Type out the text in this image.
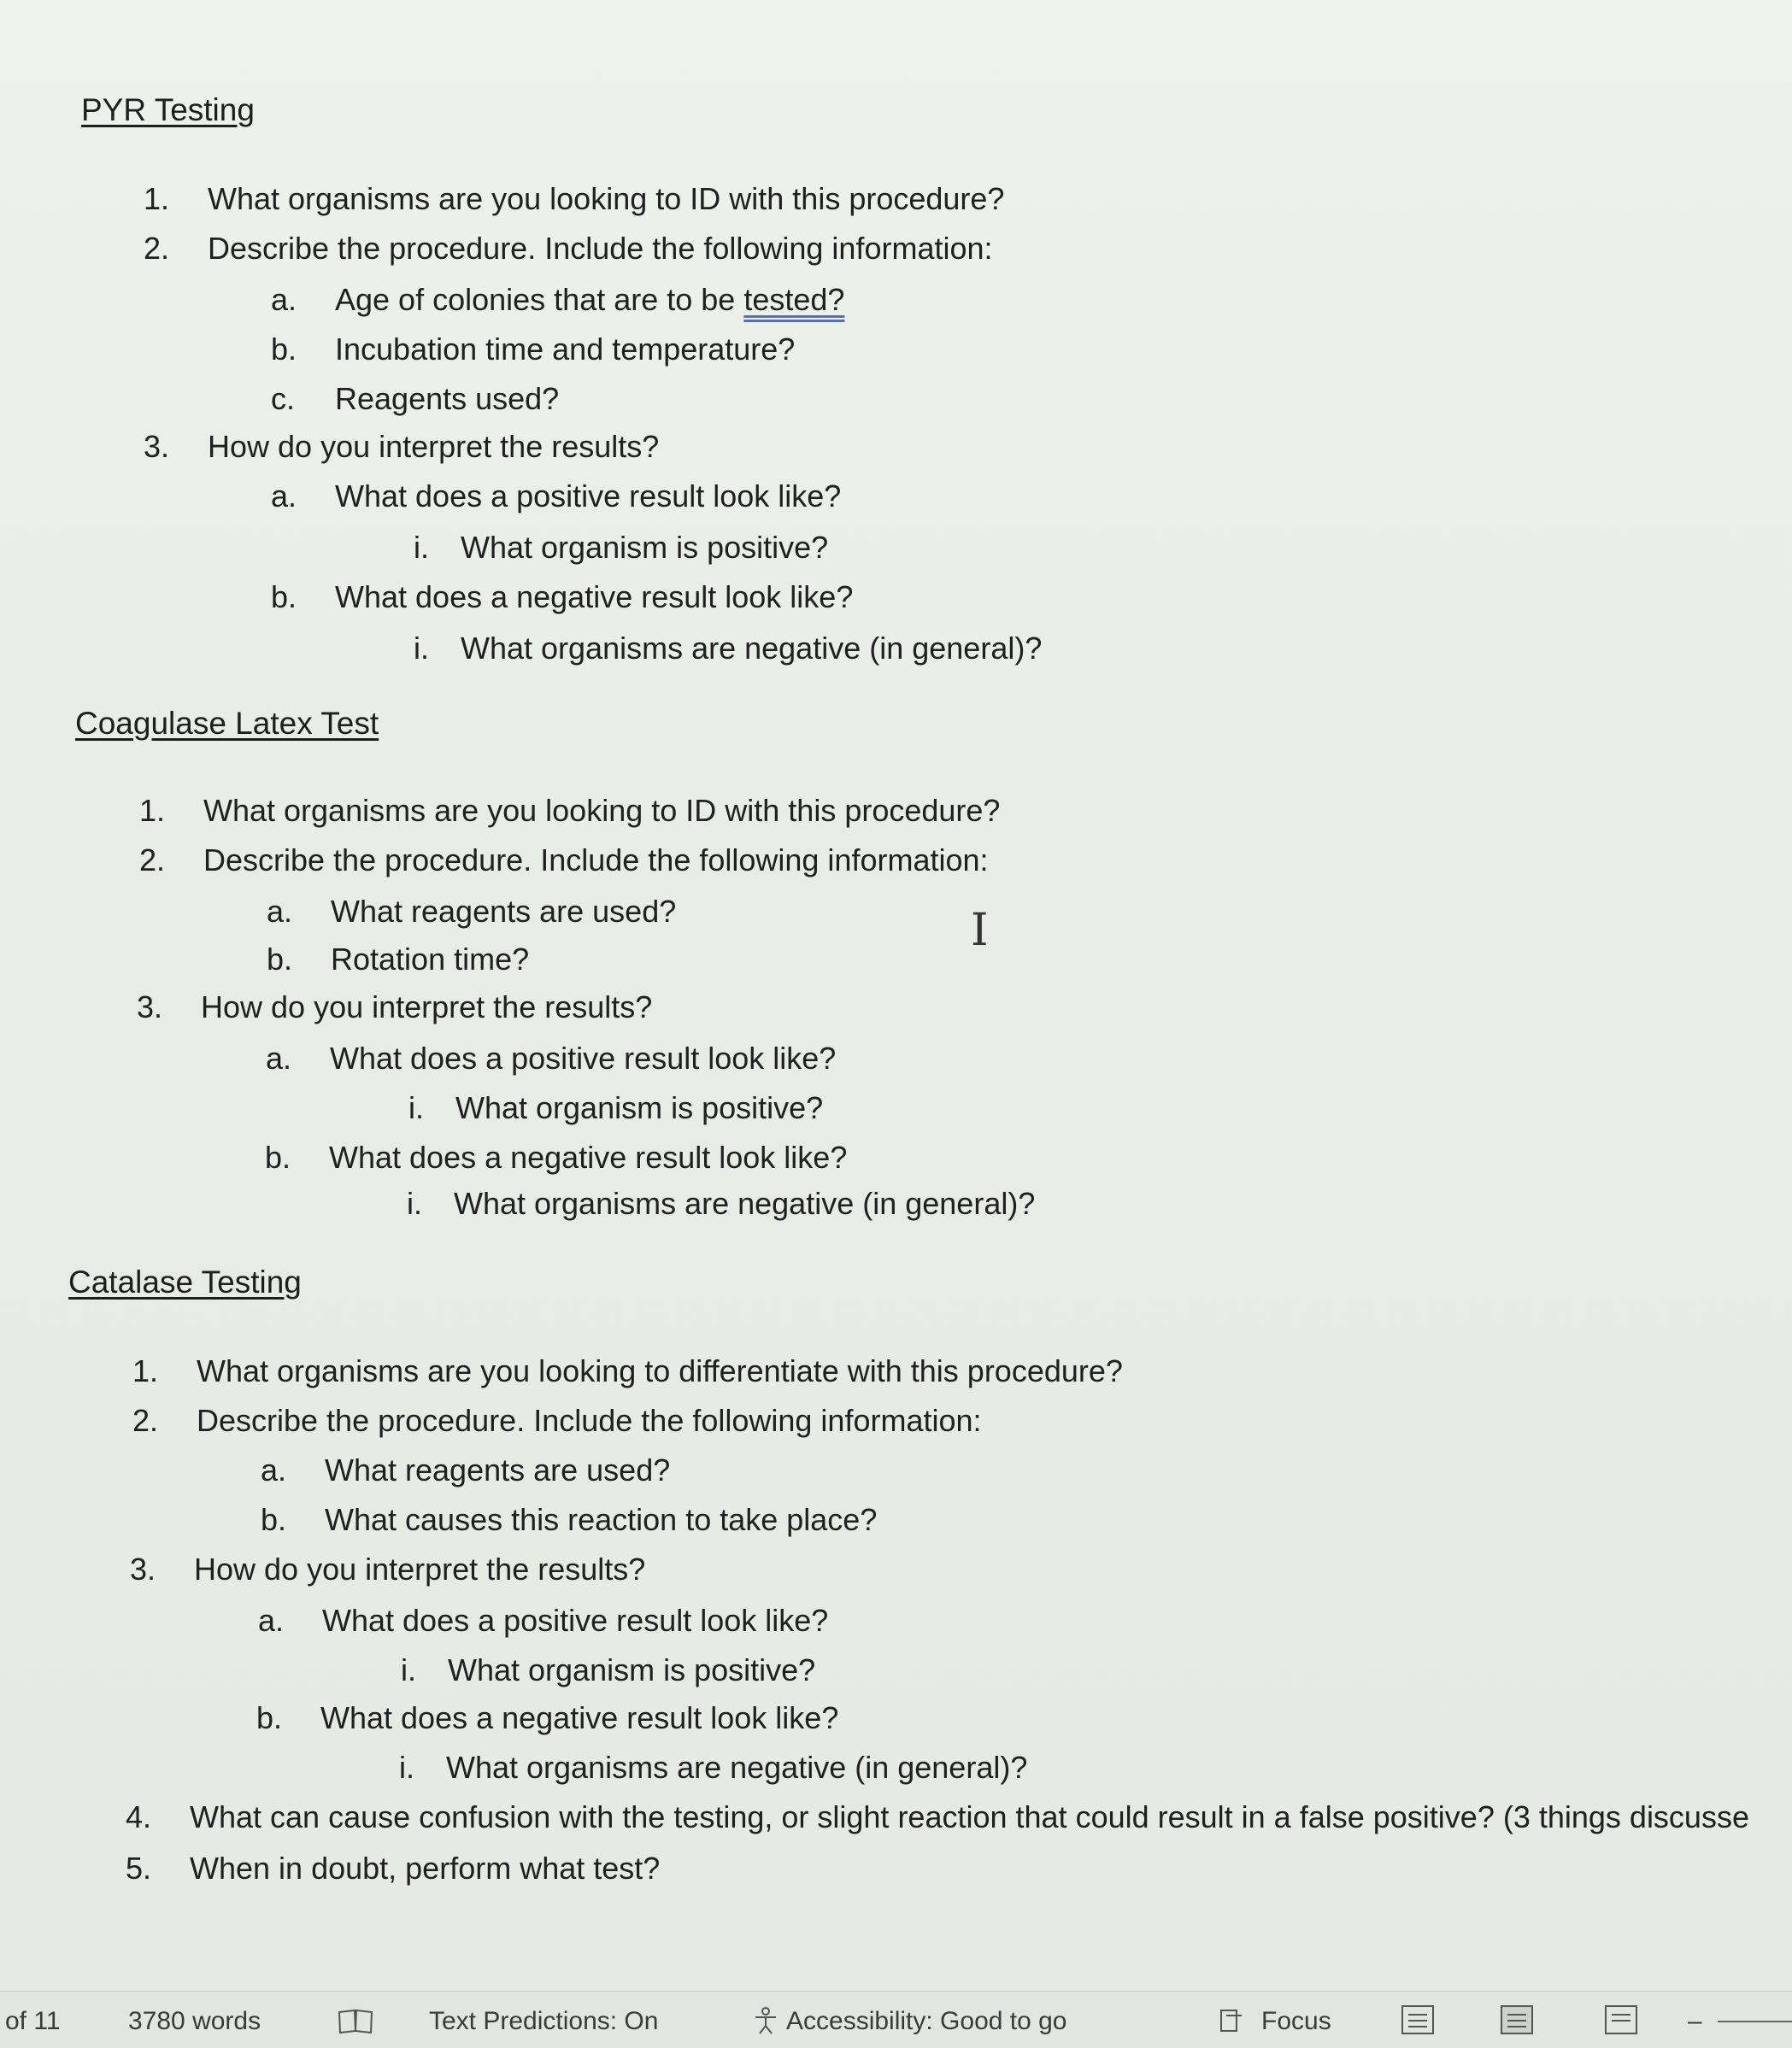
PYR Testing
1. What organisms are you looking to ID with this procedure?
2. Describe the procedure. Include the following information:
a. Age of colonies that are to be tested?
b. Incubation time and temperature?
c. Reagents used?
3. How do you interpret the results?
a. What does a positive result look like?
i. What organism is positive?
b. What does a negative result look like?
i. What organisms are negative (in general)?
Coagulase Latex Test
1. What organisms are you looking to ID with this procedure?
2. Describe the procedure. Include the following information:
a. What reagents are used?
b. Rotation time?
3. How do you interpret the results?
a. What does a positive result look like?
i. What organism is positive?
b. What does a negative result look like?
i. What organisms are negative (in general)?
I
Catalase Testing
1. What organisms are you looking to differentiate with this procedure?
2. Describe the procedure. Include the following information:
a. What reagents are used?
b. What causes this reaction to take place?
3. How do you interpret the results?
a. What does a positive result look like?
i. What organism is positive?
b. What does a negative result look like?
i. What organisms are negative (in general)?
4. What can cause confusion with the testing, or slight reaction that could result in a false positive? (3 things discusse
5. When in doubt, perform what test?
of 11	3780 words	Text Predictions: On	Accessibility: Good to go	Focus	–
